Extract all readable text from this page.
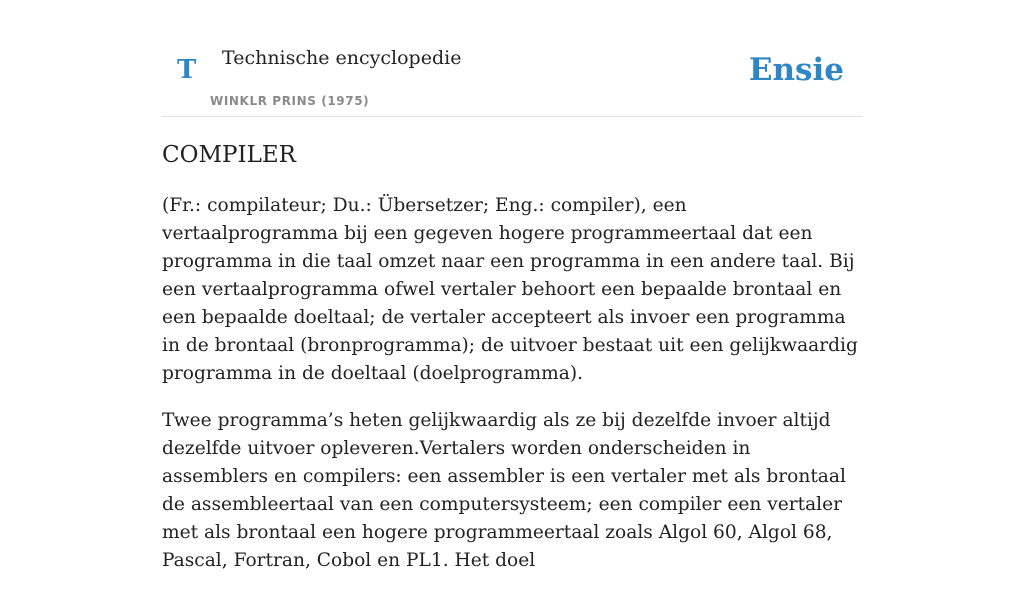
T Technische encyclopedie
WINKLR PRINS (1975)
Ensie
COMPILER

(Fr.: compilateur; Du.: Übersetzer; Eng.: compiler), een vertaalprogramma bij een gegeven hogere programmeertaal dat een programma in die taal omzet naar een programma in een andere taal. Bij een vertaalprogramma ofwel vertaler behoort een bepaalde brontaal en een bepaalde doeltaal; de vertaler accepteert als invoer een programma in de brontaal (bronprogramma); de uitvoer bestaat uit een gelijkwaardig programma in de doeltaal (doelprogramma).

Twee programma’s heten gelijkwaardig als ze bij dezelfde invoer altijd dezelfde uitvoer opleveren.Vertalers worden onderscheiden in assemblers en compilers: een assembler is een vertaler met als brontaal de assembleertaal van een computersysteem; een compiler een vertaler met als brontaal een hogere programmeertaal zoals Algol 60, Algol 68, Pascal, Fortran, Cobol en PL1. Het doel
